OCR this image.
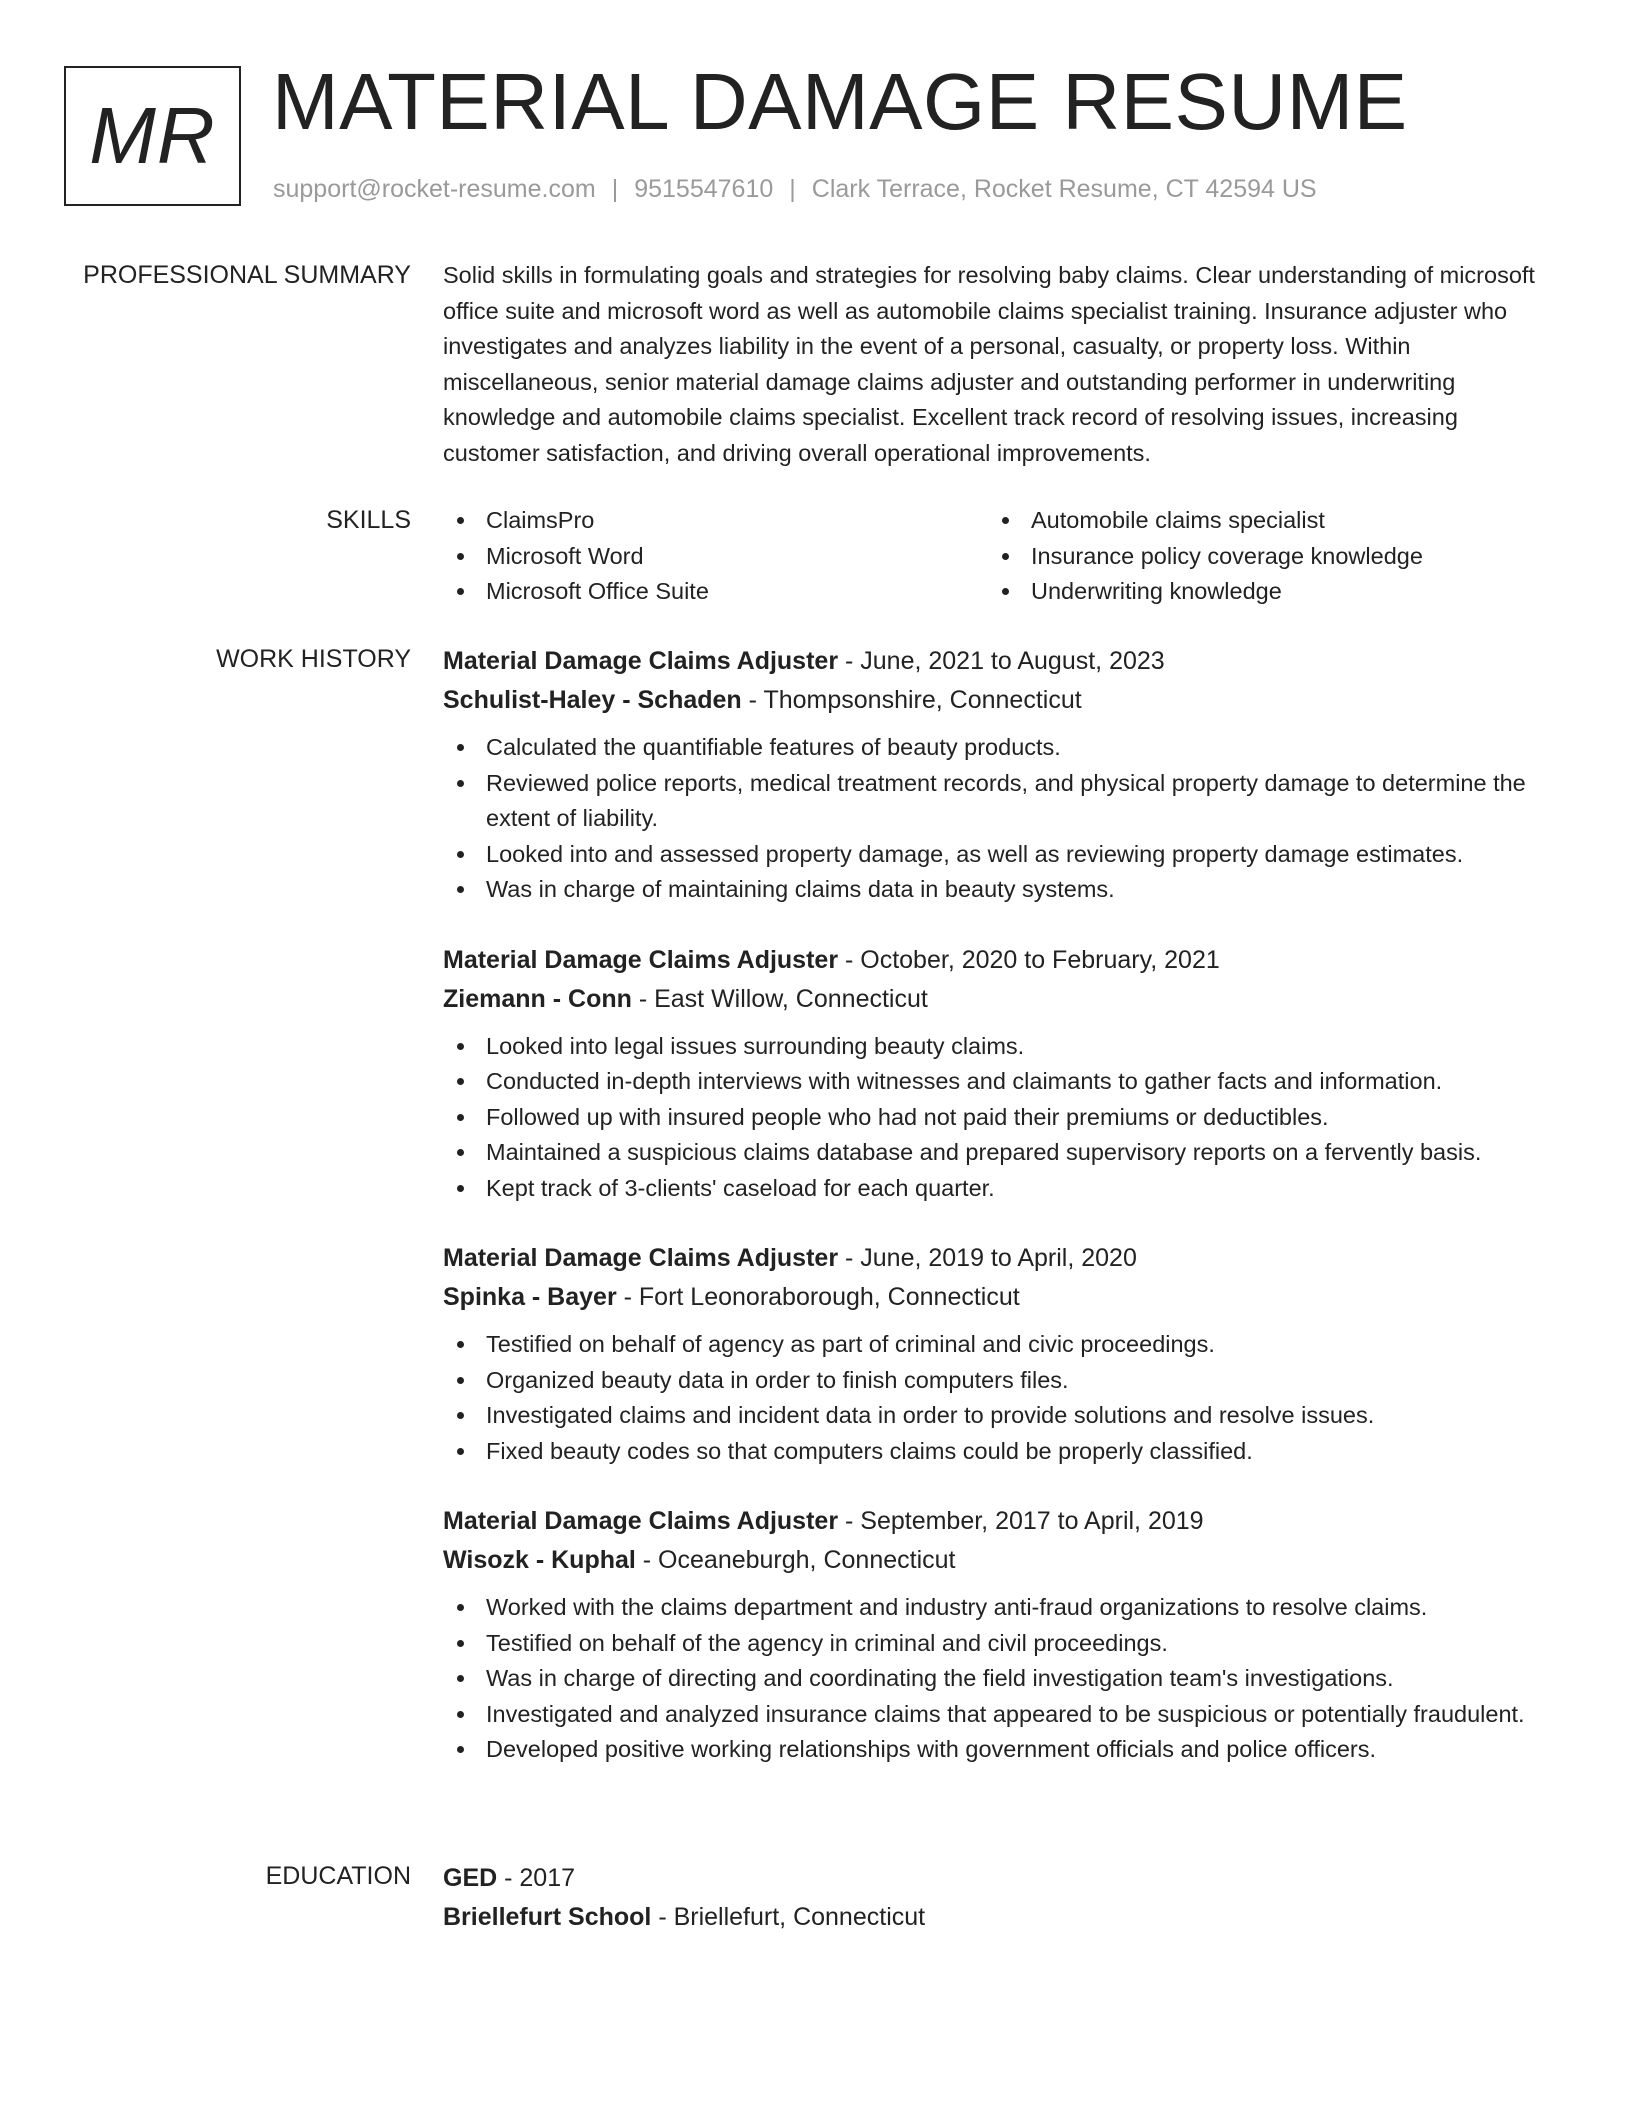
MR MATERIAL DAMAGE RESUME
support@rocket-resume.com | 9515547610 | Clark Terrace, Rocket Resume, CT 42594 US
PROFESSIONAL SUMMARY Solid skills in formulating goals and strategies for resolving baby claims. Clear understanding of microsoft office suite and microsoft word as well as automobile claims specialist training. Insurance adjuster who investigates and analyzes liability in the event of a personal, casualty, or property loss. Within miscellaneous, senior material damage claims adjuster and outstanding performer in underwriting knowledge and automobile claims specialist. Excellent track record of resolving issues, increasing customer satisfaction, and driving overall operational improvements.

SKILLS	ClaimsPro
Microsoft Word
Microsoft Office Suite
Automobile claims specialist
Insurance policy coverage knowledge
Underwriting knowledge
WORK HISTORY Material Damage Claims Adjuster - June, 2021 to August, 2023
Schulist-Haley - Schaden - Thompsonshire, Connecticut
Calculated the quantifiable features of beauty products.
Reviewed police reports, medical treatment records, and physical property damage to determine the extent of liability.
Looked into and assessed property damage, as well as reviewing property damage estimates.
Was in charge of maintaining claims data in beauty systems.
Material Damage Claims Adjuster - October, 2020 to February, 2021
Ziemann - Conn - East Willow, Connecticut
Looked into legal issues surrounding beauty claims.
Conducted in-depth interviews with witnesses and claimants to gather facts and information.
Followed up with insured people who had not paid their premiums or deductibles.
Maintained a suspicious claims database and prepared supervisory reports on a fervently basis.
Kept track of 3-clients' caseload for each quarter.
Material Damage Claims Adjuster - June, 2019 to April, 2020
Spinka - Bayer - Fort Leonoraborough, Connecticut
Testified on behalf of agency as part of criminal and civic proceedings.
Organized beauty data in order to finish computers files.
Investigated claims and incident data in order to provide solutions and resolve issues.
Fixed beauty codes so that computers claims could be properly classified.
Material Damage Claims Adjuster - September, 2017 to April, 2019
Wisozk - Kuphal - Oceaneburgh, Connecticut
Worked with the claims department and industry anti-fraud organizations to resolve claims.
Testified on behalf of the agency in criminal and civil proceedings.
Was in charge of directing and coordinating the field investigation team's investigations.
Investigated and analyzed insurance claims that appeared to be suspicious or potentially fraudulent.
Developed positive working relationships with government officials and police officers.
EDUCATION GED - 2017
Briellefurt School - Briellefurt, Connecticut
